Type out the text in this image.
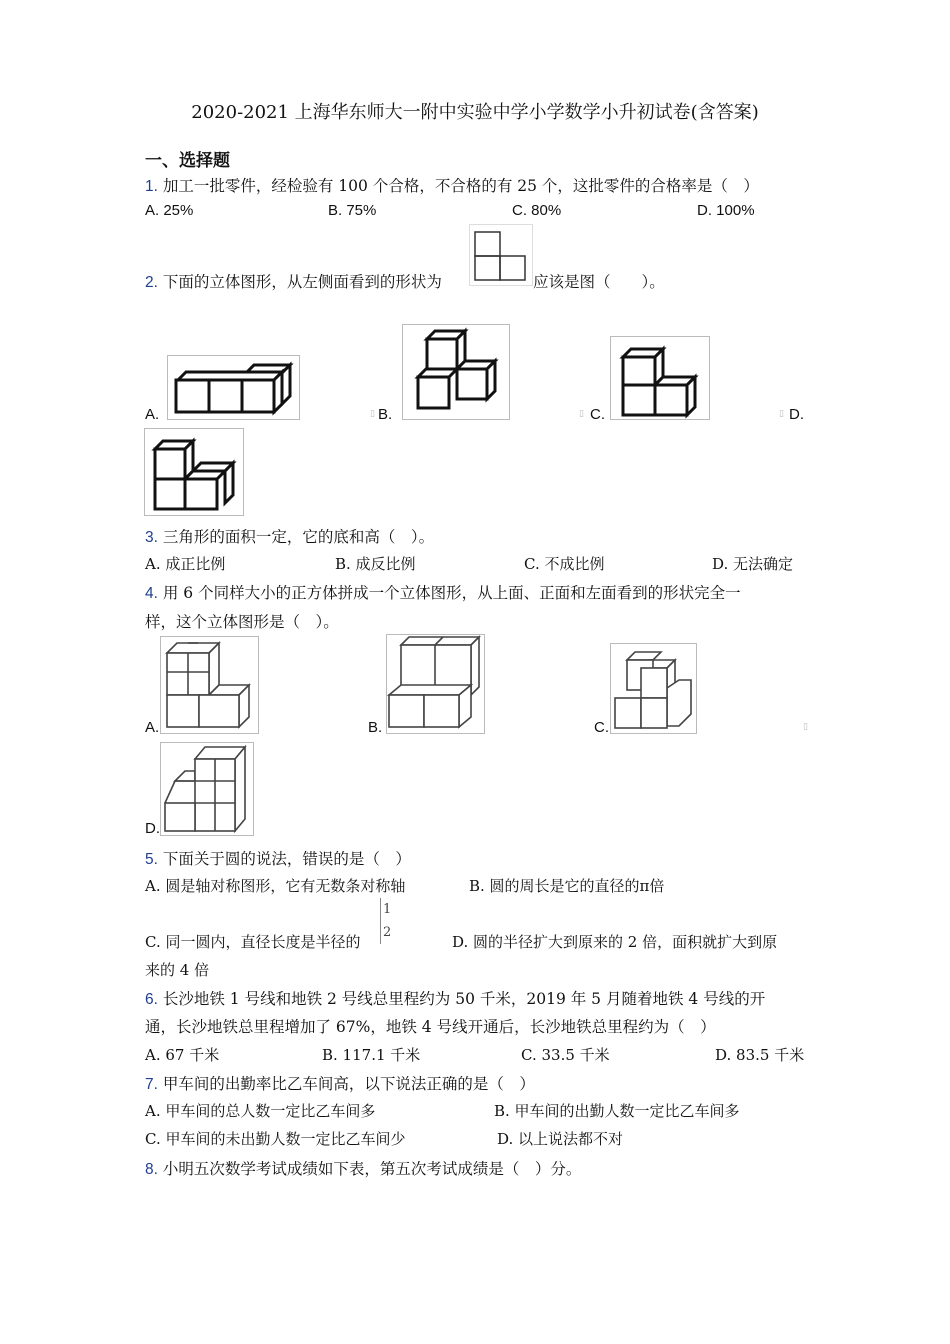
2020-2021 上海华东师大一附中实验中学小学数学小升初试卷(含答案)
一、选择题
1. 加工一批零件，经检验有 100 个合格，不合格的有 25 个，这批零件的合格率是（　）
A. 25%	B. 75%	C. 80%	D. 100%
2. 下面的立体图形，从左侧面看到的形状为	应该是图（　　）。
A.	▯ B.	▯ C.	▯ D.
3. 三角形的面积一定，它的底和高（　）。
A. 成正比例	B. 成反比例	C. 不成比例	D. 无法确定
4. 用 6 个同样大小的正方体拼成一个立体图形，从上面、正面和左面看到的形状完全一
样，这个立体图形是（　）。
A.	B.	C.	▯
D.
5. 下面关于圆的说法，错误的是（　）
A. 圆是轴对称图形，它有无数条对称轴	B. 圆的周长是它的直径的π倍
C. 同一圆内，直径长度是半径的
1
2
D. 圆的半径扩大到原来的 2 倍，面积就扩大到原
来的 4 倍
6. 长沙地铁 1 号线和地铁 2 号线总里程约为 50 千米，2019 年 5 月随着地铁 4 号线的开
通，长沙地铁总里程增加了 67%，地铁 4 号线开通后，长沙地铁总里程约为（　）
A. 67 千米	B. 117.1 千米	C. 33.5 千米	D. 83.5 千米
7. 甲车间的出勤率比乙车间高，以下说法正确的是（　）
A. 甲车间的总人数一定比乙车间多	B. 甲车间的出勤人数一定比乙车间多
C. 甲车间的未出勤人数一定比乙车间少	D. 以上说法都不对
8. 小明五次数学考试成绩如下表，第五次考试成绩是（　）分。
